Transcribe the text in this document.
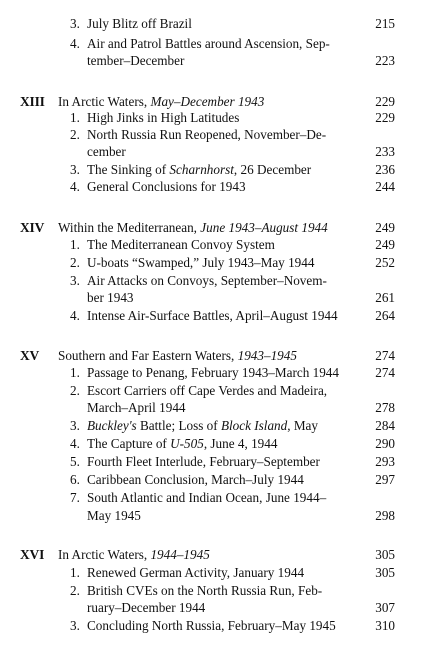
3. July Blitz off Brazil	215
4. Air and Patrol Battles around Ascension, Sep-
tember–December	223
XIII In Arctic Waters, May–December 1943	229
1. High Jinks in High Latitudes	229
2. North Russia Run Reopened, November–De-
cember	233
3. The Sinking of Scharnhorst, 26 December	236
4. General Conclusions for 1943	244
XIV Within the Mediterranean, June 1943–August 1944	249
1. The Mediterranean Convoy System	249
2. U-boats “Swamped,” July 1943–May 1944	252
3. Air Attacks on Convoys, September–Novem-
ber 1943	261
4. Intense Air-Surface Battles, April–August 1944	264
XV Southern and Far Eastern Waters, 1943–1945	274
1. Passage to Penang, February 1943–March 1944	274
2. Escort Carriers off Cape Verdes and Madeira,
March–April 1944	278
3. Buckley's Battle; Loss of Block Island, May	284
4. The Capture of U-505, June 4, 1944	290
5. Fourth Fleet Interlude, February–September	293
6. Caribbean Conclusion, March–July 1944	297
7. South Atlantic and Indian Ocean, June 1944–
May 1945	298
XVI In Arctic Waters, 1944–1945	305
1. Renewed German Activity, January 1944	305
2. British CVEs on the North Russia Run, Feb-
ruary–December 1944	307
3. Concluding North Russia, February–May 1945	310
